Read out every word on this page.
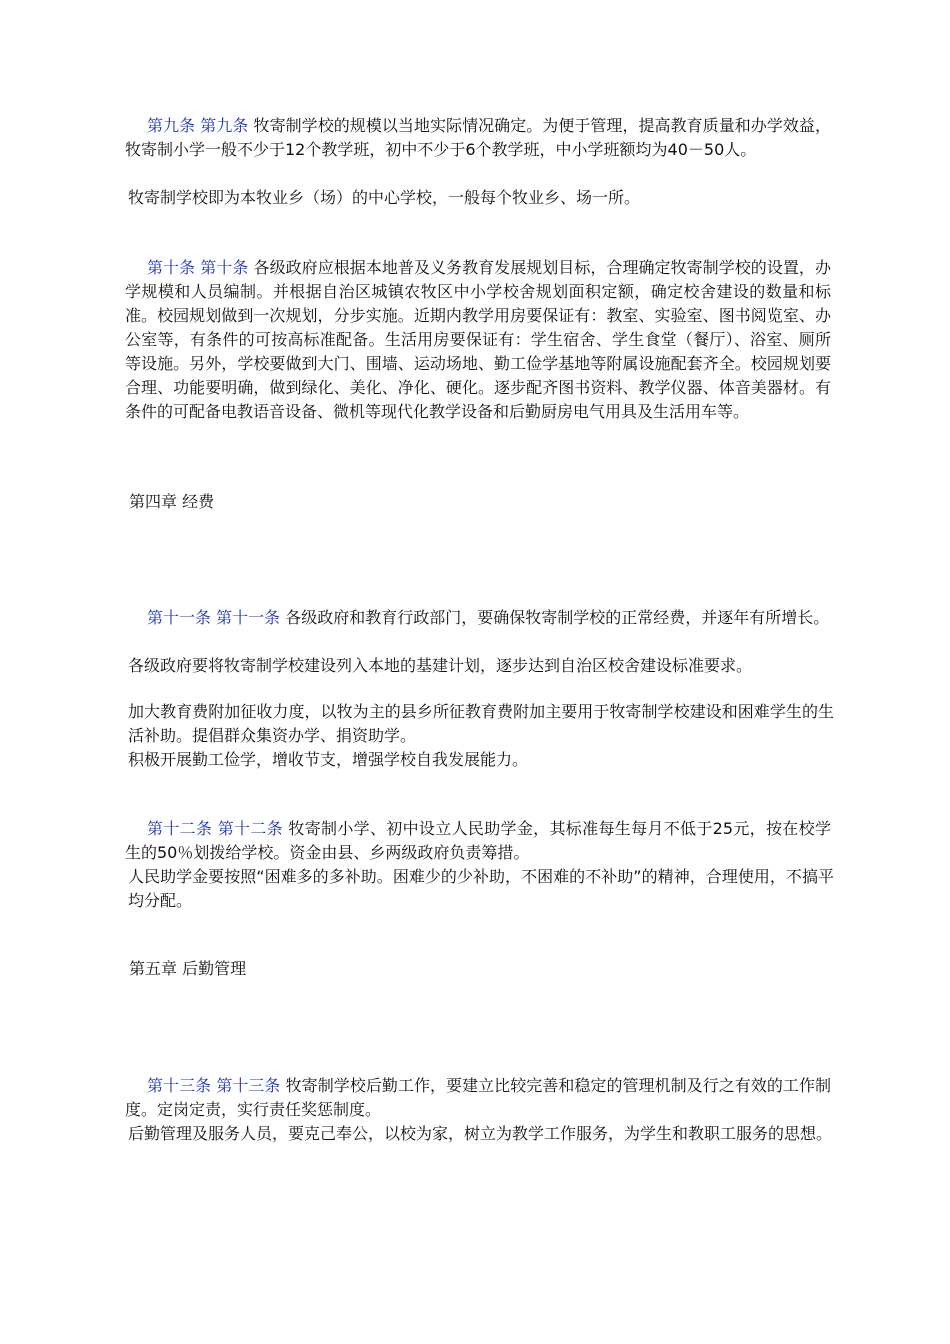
第九条 第九条 牧寄制学校的规模以当地实际情况确定。为便于管理，提高教育质量和办学效益，牧寄制小学一般不少于12个教学班，初中不少于6个教学班，中小学班额均为40－50人。
牧寄制学校即为本牧业乡（场）的中心学校，一般每个牧业乡、场一所。
第十条 第十条 各级政府应根据本地普及义务教育发展规划目标，合理确定牧寄制学校的设置，办学规模和人员编制。并根据自治区城镇农牧区中小学校舍规划面积定额，确定校舍建设的数量和标准。校园规划做到一次规划，分步实施。近期内教学用房要保证有：教室、实验室、图书阅览室、办公室等，有条件的可按高标准配备。生活用房要保证有：学生宿舍、学生食堂（餐厅）、浴室、厕所等设施。另外，学校要做到大门、围墙、运动场地、勤工俭学基地等附属设施配套齐全。校园规划要合理、功能要明确，做到绿化、美化、净化、硬化。逐步配齐图书资料、教学仪器、体音美器材。有条件的可配备电教语音设备、微机等现代化教学设备和后勤厨房电气用具及生活用车等。
第四章 经费
第十一条 第十一条 各级政府和教育行政部门，要确保牧寄制学校的正常经费，并逐年有所增长。
各级政府要将牧寄制学校建设列入本地的基建计划，逐步达到自治区校舍建设标准要求。
加大教育费附加征收力度，以牧为主的县乡所征教育费附加主要用于牧寄制学校建设和困难学生的生活补助。提倡群众集资办学、捐资助学。
积极开展勤工俭学，增收节支，增强学校自我发展能力。
第十二条 第十二条 牧寄制小学、初中设立人民助学金，其标准每生每月不低于25元，按在校学生的50％划拨给学校。资金由县、乡两级政府负责筹措。
人民助学金要按照“困难多的多补助。困难少的少补助，不困难的不补助”的精神，合理使用，不搞平均分配。
第五章 后勤管理
第十三条 第十三条 牧寄制学校后勤工作，要建立比较完善和稳定的管理机制及行之有效的工作制度。定岗定责，实行责任奖惩制度。
后勤管理及服务人员，要克己奉公，以校为家，树立为教学工作服务，为学生和教职工服务的思想。
